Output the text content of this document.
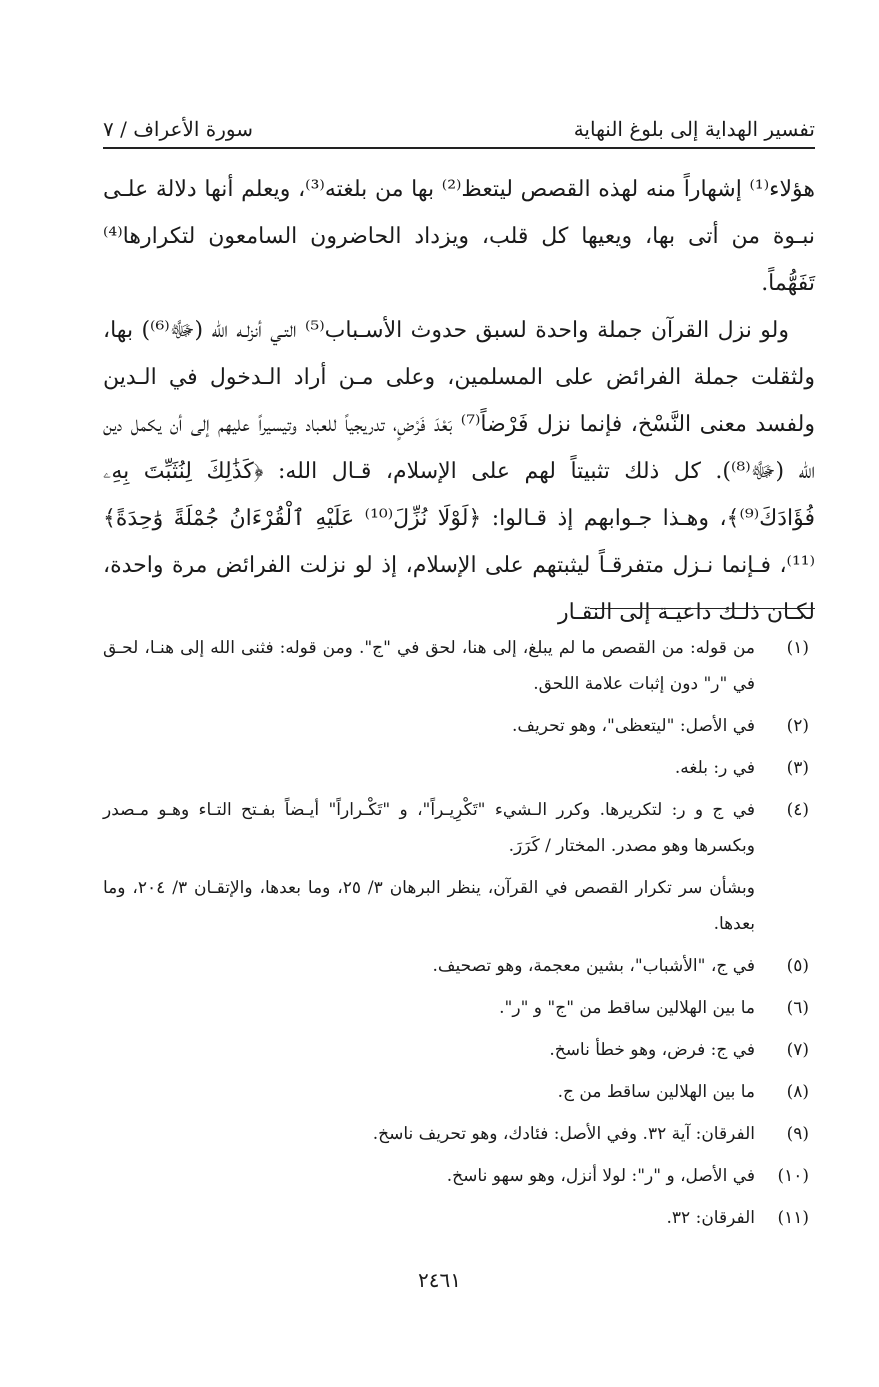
تفسير الهداية إلى بلوغ النهاية
سورة الأعراف / ٧

هؤلاء⁽¹⁾ إشهاراً منه لهذه القصص ليتعظ⁽²⁾ بها من بلغته⁽³⁾، ويعلم أنها دلالة علـى نبـوة من أتى بها، ويعيها كل قلب، ويزداد الحاضرون السامعون لتكرارها⁽⁴⁾ تَفَهُّماً.

ولو نزل القرآن جملة واحدة لسبق حدوث الأسـباب⁽⁵⁾ التـي أنزلـه الله (ﷻ⁽⁶⁾) بها، ولثقلت جملة الفرائض على المسلمين، وعلى مـن أراد الـدخول في الـدين ولفسد معنى النَّسْخ، فإنما نزل فَرْضاً⁽⁷⁾ بَعْدَ فَرْضٍ، تدريجياً للعباد وتيسيراً عليهم إلى أن يكمل دين الله (ﷻ⁽⁸⁾). كل ذلك تثبيتاً لهم على الإسلام، قـال الله: ﴿كَذَٰلِكَ لِنُثَبِّتَ بِهِۦ فُؤَادَكَ⁽⁹⁾﴾، وهـذا جـوابهم إذ قـالوا: ﴿لَوْلَا نُزِّلَ⁽¹⁰⁾ عَلَيْهِ ٱلْقُرْءَانُ جُمْلَةً وَٰحِدَةً﴾⁽¹¹⁾، فـإنما نـزل متفرقـاً ليثبتهم على الإسلام، إذ لو نزلت الفرائض مرة واحدة، لكـان ذلـك داعيـة إلى النقـار

(١)
من قوله: من القصص ما لم يبلغ، إلى هنا، لحق في "ج". ومن قوله: فثنى الله إلى هنـا، لحـق في "ر" دون إثبات علامة اللحق.
(٢)
في الأصل: "ليتعظى"، وهو تحريف.
(٣)
في ر: بلغه.
(٤)
في ج و ر: لتكريرها. وكرر الـشيء "تَكْرِيـراً"، و "تَكْـراراً" أيـضاً بفـتح التـاء وهـو مـصدر وبكسرها وهو مصدر. المختار / كَرَرَ.
وبشأن سر تكرار القصص في القرآن، ينظر البرهان ٣/ ٢٥، وما بعدها، والإتقـان ٣/ ٢٠٤، وما بعدها.
(٥)
في ج، "الأشباب"، بشين معجمة، وهو تصحيف.
(٦)
ما بين الهلالين ساقط من "ج" و "ر".
(٧)
في ج: فرض، وهو خطأ ناسخ.
(٨)
ما بين الهلالين ساقط من ج.
(٩)
الفرقان: آية ٣٢. وفي الأصل: فئادك، وهو تحريف ناسخ.
(١٠)
في الأصل، و "ر": لولا أنزل، وهو سهو ناسخ.
(١١)
الفرقان: ٣٢.
٢٤٦١
